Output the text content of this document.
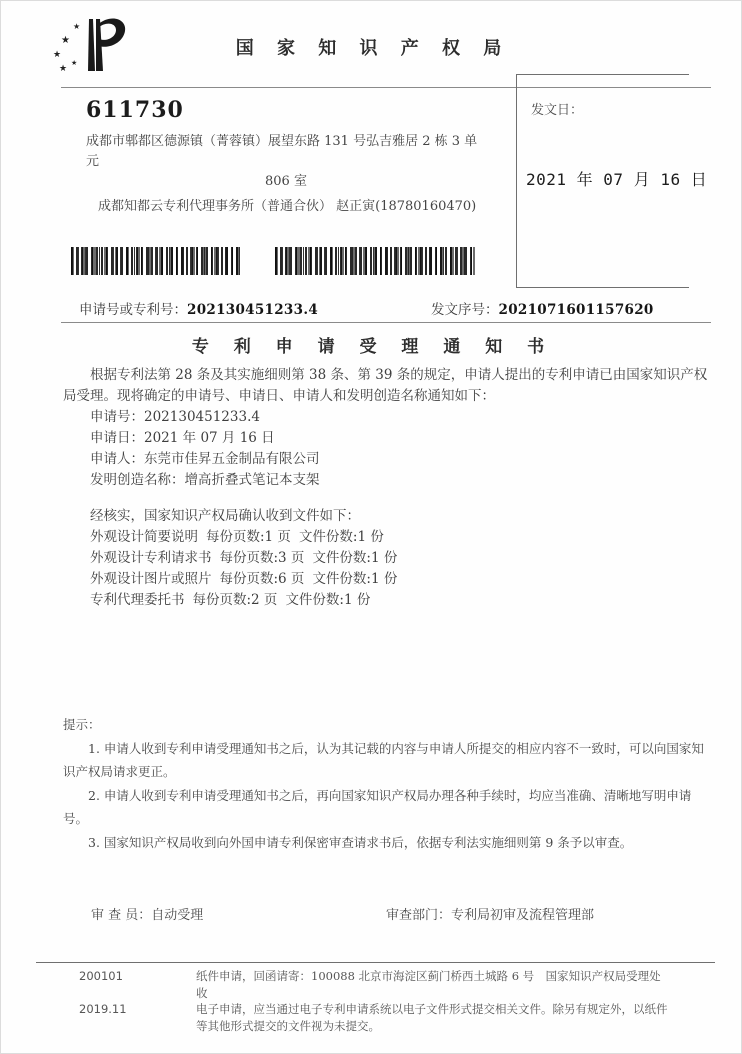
★
★
★
★
★
国 家 知 识 产 权 局
发文日：
2021 年 07 月 16 日
611730
成都市郫都区德源镇（菁蓉镇）展望东路 131 号弘吉雅居 2 栋 3 单元
806 室
成都知都云专利代理事务所（普通合伙） 赵正寅(18780160470)
申请号或专利号：202130451233.4	发文序号：2021071601157620
专 利 申 请 受 理 通 知 书

根据专利法第 28 条及其实施细则第 38 条、第 39 条的规定，申请人提出的专利申请已由国家知识产权局受理。现将确定的申请号、申请日、申请人和发明创造名称通知如下：

申请号：202130451233.4
申请日：2021 年 07 月 16 日
申请人：东莞市佳昇五金制品有限公司
发明创造名称：增高折叠式笔记本支架

经核实，国家知识产权局确认收到文件如下：

外观设计简要说明 每份页数:1 页 文件份数:1 份
外观设计专利请求书 每份页数:3 页 文件份数:1 份
外观设计图片或照片 每份页数:6 页 文件份数:1 份
专利代理委托书 每份页数:2 页 文件份数:1 份
提示：
1. 申请人收到专利申请受理通知书之后，认为其记载的内容与申请人所提交的相应内容不一致时，可以向国家知识产权局请求更正。
2. 申请人收到专利申请受理通知书之后，再向国家知识产权局办理各种手续时，均应当准确、清晰地写明申请号。
3. 国家知识产权局收到向外国申请专利保密审查请求书后，依据专利法实施细则第 9 条予以审查。
审 查 员：自动受理	审查部门：专利局初审及流程管理部
200101	纸件申请，回函请寄：100088 北京市海淀区蓟门桥西土城路 6 号　国家知识产权局受理处收
2019.11	电子申请，应当通过电子专利申请系统以电子文件形式提交相关文件。除另有规定外，以纸件等其他形式提交的文件视为未提交。
